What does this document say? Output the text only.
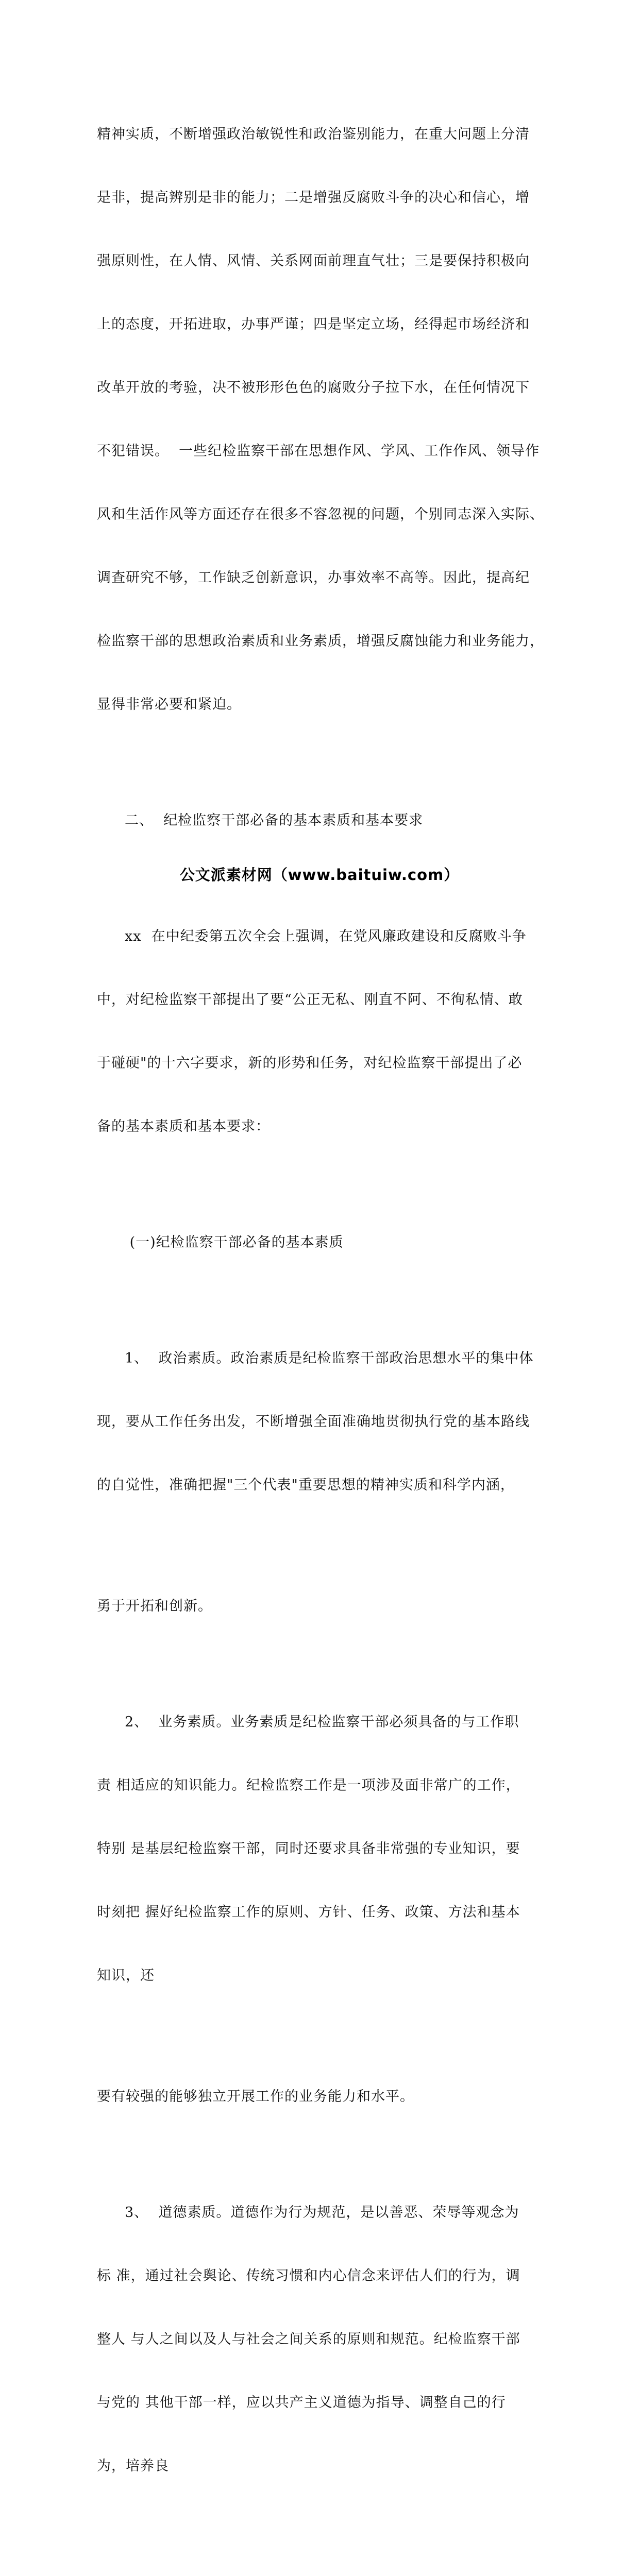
精神实质，不断增强政治敏锐性和政治鉴别能力，在重大问题上分清

是非，提高辨别是非的能力；二是增强反腐败斗争的决心和信心，增

强原则性，在人情、风情、关系网面前理直气壮；三是要保持积极向

上的态度，开拓进取，办事严谨；四是坚定立场，经得起市场经济和

改革开放的考验，决不被形形色色的腐败分子拉下水，在任何情况下

不犯错误。  一些纪检监察干部在思想作风、学风、工作作风、领导作

风和生活作风等方面还存在很多不容忽视的问题，个别同志深入实际、

调查研究不够，工作缺乏创新意识，办事效率不高等。因此，提高纪

检监察干部的思想政治素质和业务素质，增强反腐蚀能力和业务能力，

显得非常必要和紧迫。

二、  纪检监察干部必备的基本素质和基本要求

xx  在中纪委第五次全会上强调，在党风廉政建设和反腐败斗争

中，对纪检监察干部提出了要“公正无私、刚直不阿、不徇私情、敢

于碰硬"的十六字要求，新的形势和任务，对纪检监察干部提出了必

备的基本素质和基本要求：

(一)纪检监察干部必备的基本素质

1、  政治素质。政治素质是纪检监察干部政治思想水平的集中体

现，要从工作任务出发，不断增强全面准确地贯彻执行党的基本路线

的自觉性，准确把握"三个代表"重要思想的精神实质和科学内涵，

勇于开拓和创新。

2、  业务素质。业务素质是纪检监察干部必须具备的与工作职

责 相适应的知识能力。纪检监察工作是一项涉及面非常广的工作，

特别 是基层纪检监察干部，同时还要求具备非常强的专业知识，要

时刻把 握好纪检监察工作的原则、方针、任务、政策、方法和基本

知识，还

要有较强的能够独立开展工作的业务能力和水平。

3、  道德素质。道德作为行为规范，是以善恶、荣辱等观念为

标 准，通过社会舆论、传统习惯和内心信念来评估人们的行为，调

整人 与人之间以及人与社会之间关系的原则和规范。纪检监察干部

与党的 其他干部一样，应以共产主义道德为指导、调整自己的行

为，培养良

公文派素材网（www.baituiw.com）
